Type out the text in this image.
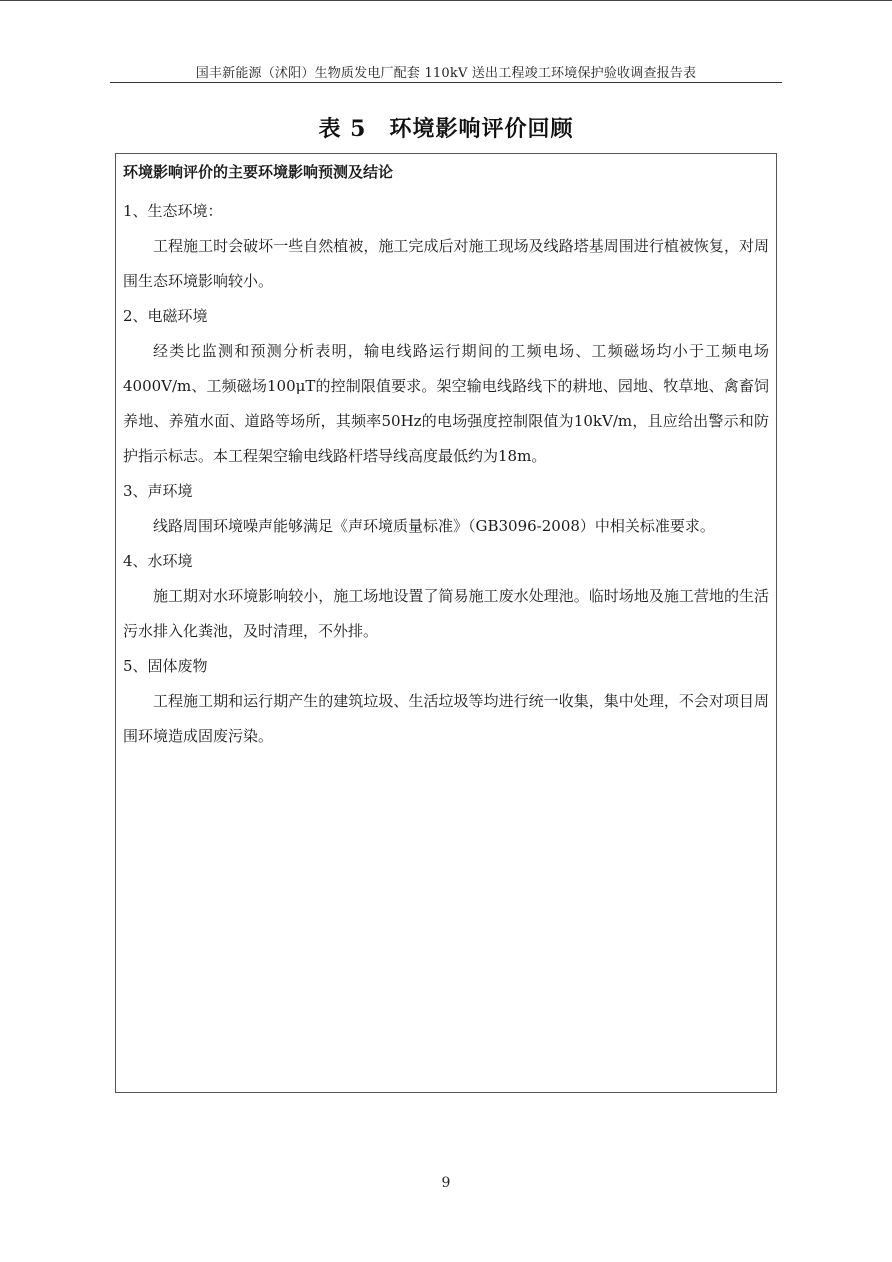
国丰新能源（沭阳）生物质发电厂配套 110kV 送出工程竣工环境保护验收调查报告表
表 5　环境影响评价回顾
环境影响评价的主要环境影响预测及结论
1、生态环境：

工程施工时会破坏一些自然植被，施工完成后对施工现场及线路塔基周围进行植被恢复，对周围生态环境影响较小。

2、电磁环境

经类比监测和预测分析表明，输电线路运行期间的工频电场、工频磁场均小于工频电场4000V/m、工频磁场100μT的控制限值要求。架空输电线路线下的耕地、园地、牧草地、禽畜饲养地、养殖水面、道路等场所，其频率50Hz的电场强度控制限值为10kV/m，且应给出警示和防护指示标志。本工程架空输电线路杆塔导线高度最低约为18m。

3、声环境

线路周围环境噪声能够满足《声环境质量标准》（GB3096-2008）中相关标准要求。

4、水环境

施工期对水环境影响较小，施工场地设置了简易施工废水处理池。临时场地及施工营地的生活污水排入化粪池，及时清理，不外排。

5、固体废物

工程施工期和运行期产生的建筑垃圾、生活垃圾等均进行统一收集，集中处理，不会对项目周围环境造成固废污染。

9
